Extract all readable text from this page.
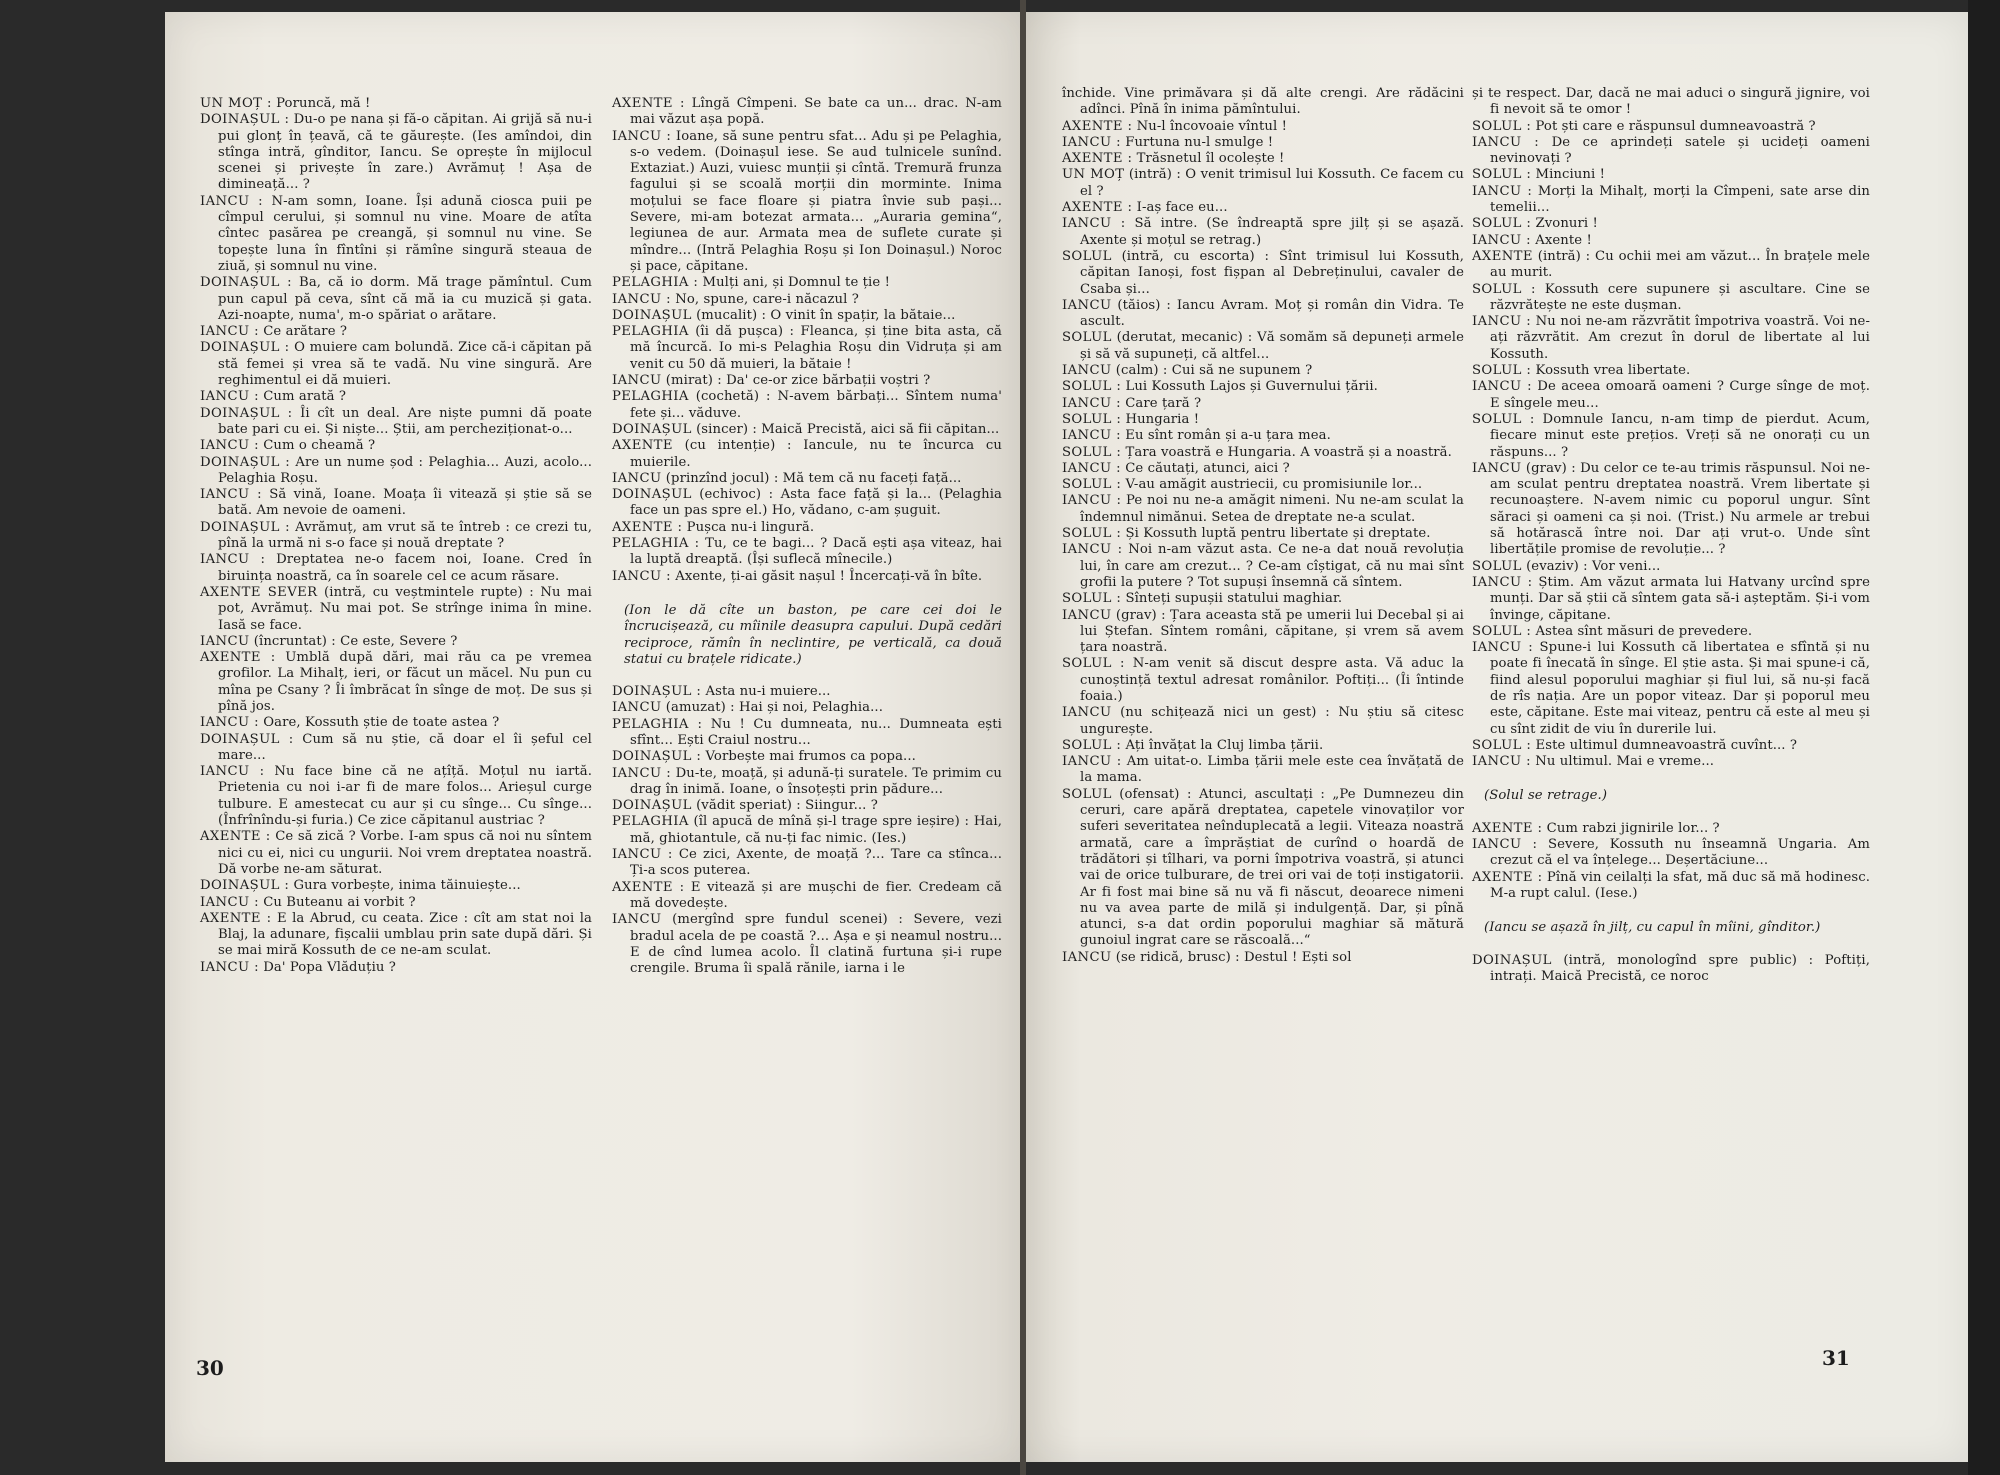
UN MOȚ : Poruncă, mă !

DOINAȘUL : Du-o pe nana și fă-o căpitan. Ai grijă să nu-i pui glonț în țeavă, că te găurește. (Ies amîndoi, din stînga intră, gînditor, Iancu. Se oprește în mijlocul scenei și privește în zare.) Avrămuț ! Așa de dimineață... ?

IANCU : N-am somn, Ioane. Își adună ciosca puii pe cîmpul cerului, și somnul nu vine. Moare de atîta cîntec pasărea pe creangă, și somnul nu vine. Se topește luna în fîntîni și rămîne singură steaua de ziuă, și somnul nu vine.

DOINAȘUL : Ba, că io dorm. Mă trage pămîntul. Cum pun capul pă ceva, sînt că mă ia cu muzică și gata. Azi-noapte, numa', m-o spăriat o arătare.

IANCU : Ce arătare ?

DOINAȘUL : O muiere cam bolundă. Zice că-i căpitan pă stă femei și vrea să te vadă. Nu vine singură. Are reghimentul ei dă muieri.

IANCU : Cum arată ?

DOINAȘUL : Îi cît un deal. Are niște pumni dă poate bate pari cu ei. Și niște... Știi, am percheziționat-o...

IANCU : Cum o cheamă ?

DOINAȘUL : Are un nume șod : Pelaghia... Auzi, acolo... Pelaghia Roșu.

IANCU : Să vină, Ioane. Moața îi vitează și știe să se bată. Am nevoie de oameni.

DOINAȘUL : Avrămuț, am vrut să te întreb : ce crezi tu, pînă la urmă ni s-o face și nouă dreptate ?

IANCU : Dreptatea ne-o facem noi, Ioane. Cred în biruința noastră, ca în soarele cel ce acum răsare.

AXENTE SEVER (intră, cu veștmintele rupte) : Nu mai pot, Avrămuț. Nu mai pot. Se strînge inima în mine. Iasă se face.

IANCU (încruntat) : Ce este, Severe ?

AXENTE : Umblă după dări, mai rău ca pe vremea grofilor. La Mihalț, ieri, or făcut un măcel. Nu pun cu mîna pe Csany ? Îi îmbrăcat în sînge de moț. De sus și pînă jos.

IANCU : Oare, Kossuth știe de toate astea ?

DOINAȘUL : Cum să nu știe, că doar el îi șeful cel mare...

IANCU : Nu face bine că ne ațîță. Moțul nu iartă. Prietenia cu noi i-ar fi de mare folos... Arieșul curge tulbure. E amestecat cu aur și cu sînge... Cu sînge... (Înfrînîndu-și furia.) Ce zice căpitanul austriac ?

AXENTE : Ce să zică ? Vorbe. I-am spus că noi nu sîntem nici cu ei, nici cu ungurii. Noi vrem dreptatea noastră. Dă vorbe ne-am săturat.

DOINAȘUL : Gura vorbește, inima tăinuiește...

IANCU : Cu Buteanu ai vorbit ?

AXENTE : E la Abrud, cu ceata. Zice : cît am stat noi la Blaj, la adunare, fișcalii umblau prin sate după dări. Și se mai miră Kossuth de ce ne-am sculat.

IANCU : Da' Popa Vlăduțiu ?

AXENTE : Lîngă Cîmpeni. Se bate ca un... drac. N-am mai văzut așa popă.

IANCU : Ioane, să sune pentru sfat... Adu și pe Pelaghia, s-o vedem. (Doinașul iese. Se aud tulnicele sunînd. Extaziat.) Auzi, vuiesc munții și cîntă. Tremură frunza fagului și se scoală morții din morminte. Inima moțului se face floare și piatra învie sub pași... Severe, mi-am botezat armata... „Auraria gemina“, legiunea de aur. Armata mea de suflete curate și mîndre... (Intră Pelaghia Roșu și Ion Doinașul.) Noroc și pace, căpitane.

PELAGHIA : Mulți ani, și Domnul te ție !

IANCU : No, spune, care-i năcazul ?

DOINAȘUL (mucalit) : O vinit în spațir, la bătaie...

PELAGHIA (îi dă pușca) : Fleanca, și ține bita asta, că mă încurcă. Io mi-s Pelaghia Roșu din Vidruța și am venit cu 50 dă muieri, la bătaie !

IANCU (mirat) : Da' ce-or zice bărbații voștri ?

PELAGHIA (cochetă) : N-avem bărbați... Sîntem numa' fete și... văduve.

DOINAȘUL (sincer) : Maică Precistă, aici să fii căpitan...

AXENTE (cu intenție) : Iancule, nu te încurca cu muierile.

IANCU (prinzînd jocul) : Mă tem că nu faceți față...

DOINAȘUL (echivoc) : Asta face față și la... (Pelaghia face un pas spre el.) Ho, vădano, c-am șuguit.

AXENTE : Pușca nu-i lingură.

PELAGHIA : Tu, ce te bagi... ? Dacă ești așa viteaz, hai la luptă dreaptă. (Își suflecă mînecile.)

IANCU : Axente, ți-ai găsit nașul ! Încercați-vă în bîte.

(Ion le dă cîte un baston, pe care cei doi le încrucișează, cu mîinile deasupra capului. După cedări reciproce, rămîn în neclintire, pe verticală, ca două statui cu brațele ridicate.)

DOINAȘUL : Asta nu-i muiere...

IANCU (amuzat) : Hai și noi, Pelaghia...

PELAGHIA : Nu ! Cu dumneata, nu... Dumneata ești sfînt... Ești Craiul nostru...

DOINAȘUL : Vorbește mai frumos ca popa...

IANCU : Du-te, moață, și adună-ți suratele. Te primim cu drag în inimă. Ioane, o însoțești prin pădure...

DOINAȘUL (vădit speriat) : Siingur... ?

PELAGHIA (îl apucă de mînă și-l trage spre ieșire) : Hai, mă, ghiotantule, că nu-ți fac nimic. (Ies.)

IANCU : Ce zici, Axente, de moață ?... Tare ca stînca... Ți-a scos puterea.

AXENTE : E vitează și are mușchi de fier. Credeam că mă dovedește.

IANCU (mergînd spre fundul scenei) : Severe, vezi bradul acela de pe coastă ?... Așa e și neamul nostru... E de cînd lumea acolo. Îl clatină furtuna și-i rupe crengile. Bruma îi spală rănile, iarna i le

închide. Vine primăvara și dă alte crengi. Are rădăcini adînci. Pînă în inima pămîntului.

AXENTE : Nu-l încovoaie vîntul !

IANCU : Furtuna nu-l smulge !

AXENTE : Trăsnetul îl ocolește !

UN MOȚ (intră) : O venit trimisul lui Kossuth. Ce facem cu el ?

AXENTE : I-aș face eu...

IANCU : Să intre. (Se îndreaptă spre jilț și se așază. Axente și moțul se retrag.)

SOLUL (intră, cu escorta) : Sînt trimisul lui Kossuth, căpitan Ianoși, fost fișpan al Debreținului, cavaler de Csaba și...

IANCU (tăios) : Iancu Avram. Moț și român din Vidra. Te ascult.

SOLUL (derutat, mecanic) : Vă somăm să depuneți armele și să vă supuneți, că altfel...

IANCU (calm) : Cui să ne supunem ?

SOLUL : Lui Kossuth Lajos și Guvernului țării.

IANCU : Care țară ?

SOLUL : Hungaria !

IANCU : Eu sînt român și a-u țara mea.

SOLUL : Țara voastră e Hungaria. A voastră și a noastră.

IANCU : Ce căutați, atunci, aici ?

SOLUL : V-au amăgit austriecii, cu promisiunile lor...

IANCU : Pe noi nu ne-a amăgit nimeni. Nu ne-am sculat la îndemnul nimănui. Setea de dreptate ne-a sculat.

SOLUL : Și Kossuth luptă pentru libertate și dreptate.

IANCU : Noi n-am văzut asta. Ce ne-a dat nouă revoluția lui, în care am crezut... ? Ce-am cîștigat, că nu mai sînt grofii la putere ? Tot supuși însemnă că sîntem.

SOLUL : Sînteți supușii statului maghiar.

IANCU (grav) : Țara aceasta stă pe umerii lui Decebal și ai lui Ștefan. Sîntem români, căpitane, și vrem să avem țara noastră.

SOLUL : N-am venit să discut despre asta. Vă aduc la cunoștință textul adresat românilor. Poftiți... (Îi întinde foaia.)

IANCU (nu schițează nici un gest) : Nu știu să citesc ungurește.

SOLUL : Ați învățat la Cluj limba țării.

IANCU : Am uitat-o. Limba țării mele este cea învățată de la mama.

SOLUL (ofensat) : Atunci, ascultați : „Pe Dumnezeu din ceruri, care apără dreptatea, capetele vinovaților vor suferi severitatea neînduplecată a legii. Viteaza noastră armată, care a împrăștiat de curînd o hoardă de trădători și tîlhari, va porni împotriva voastră, și atunci vai de orice tulburare, de trei ori vai de toți instigatorii. Ar fi fost mai bine să nu vă fi născut, deoarece nimeni nu va avea parte de milă și indulgență. Dar, și pînă atunci, s-a dat ordin poporului maghiar să mătură gunoiul ingrat care se răscoală...“

IANCU (se ridică, brusc) : Destul ! Ești sol

și te respect. Dar, dacă ne mai aduci o singură jignire, voi fi nevoit să te omor !

SOLUL : Pot ști care e răspunsul dumneavoastră ?

IANCU : De ce aprindeți satele și ucideți oameni nevinovați ?

SOLUL : Minciuni !

IANCU : Morți la Mihalț, morți la Cîmpeni, sate arse din temelii...

SOLUL : Zvonuri !

IANCU : Axente !

AXENTE (intră) : Cu ochii mei am văzut... În brațele mele au murit.

SOLUL : Kossuth cere supunere și ascultare. Cine se răzvrătește ne este dușman.

IANCU : Nu noi ne-am răzvrătit împotriva voastră. Voi ne-ați răzvrătit. Am crezut în dorul de libertate al lui Kossuth.

SOLUL : Kossuth vrea libertate.

IANCU : De aceea omoară oameni ? Curge sînge de moț. E sîngele meu...

SOLUL : Domnule Iancu, n-am timp de pierdut. Acum, fiecare minut este prețios. Vreți să ne onorați cu un răspuns... ?

IANCU (grav) : Du celor ce te-au trimis răspunsul. Noi ne-am sculat pentru dreptatea noastră. Vrem libertate și recunoaștere. N-avem nimic cu poporul ungur. Sînt săraci și oameni ca și noi. (Trist.) Nu armele ar trebui să hotărască între noi. Dar ați vrut-o. Unde sînt libertățile promise de revoluție... ?

SOLUL (evaziv) : Vor veni...

IANCU : Știm. Am văzut armata lui Hatvany urcînd spre munți. Dar să știi că sîntem gata să-i așteptăm. Și-i vom învinge, căpitane.

SOLUL : Astea sînt măsuri de prevedere.

IANCU : Spune-i lui Kossuth că libertatea e sfîntă și nu poate fi înecată în sînge. El știe asta. Și mai spune-i că, fiind alesul poporului maghiar și fiul lui, să nu-și facă de rîs nația. Are un popor viteaz. Dar și poporul meu este, căpitane. Este mai viteaz, pentru că este al meu și cu sînt zidit de viu în durerile lui.

SOLUL : Este ultimul dumneavoastră cuvînt... ?

IANCU : Nu ultimul. Mai e vreme...

(Solul se retrage.)

AXENTE : Cum rabzi jignirile lor... ?

IANCU : Severe, Kossuth nu înseamnă Ungaria. Am crezut că el va înțelege... Deșertăciune...

AXENTE : Pînă vin ceilalți la sfat, mă duc să mă hodinesc. M-a rupt calul. (Iese.)

(Iancu se așază în jilț, cu capul în mîini, gînditor.)

DOINAȘUL (intră, monologînd spre public) : Poftiți, intrați. Maică Precistă, ce noroc

30	31
